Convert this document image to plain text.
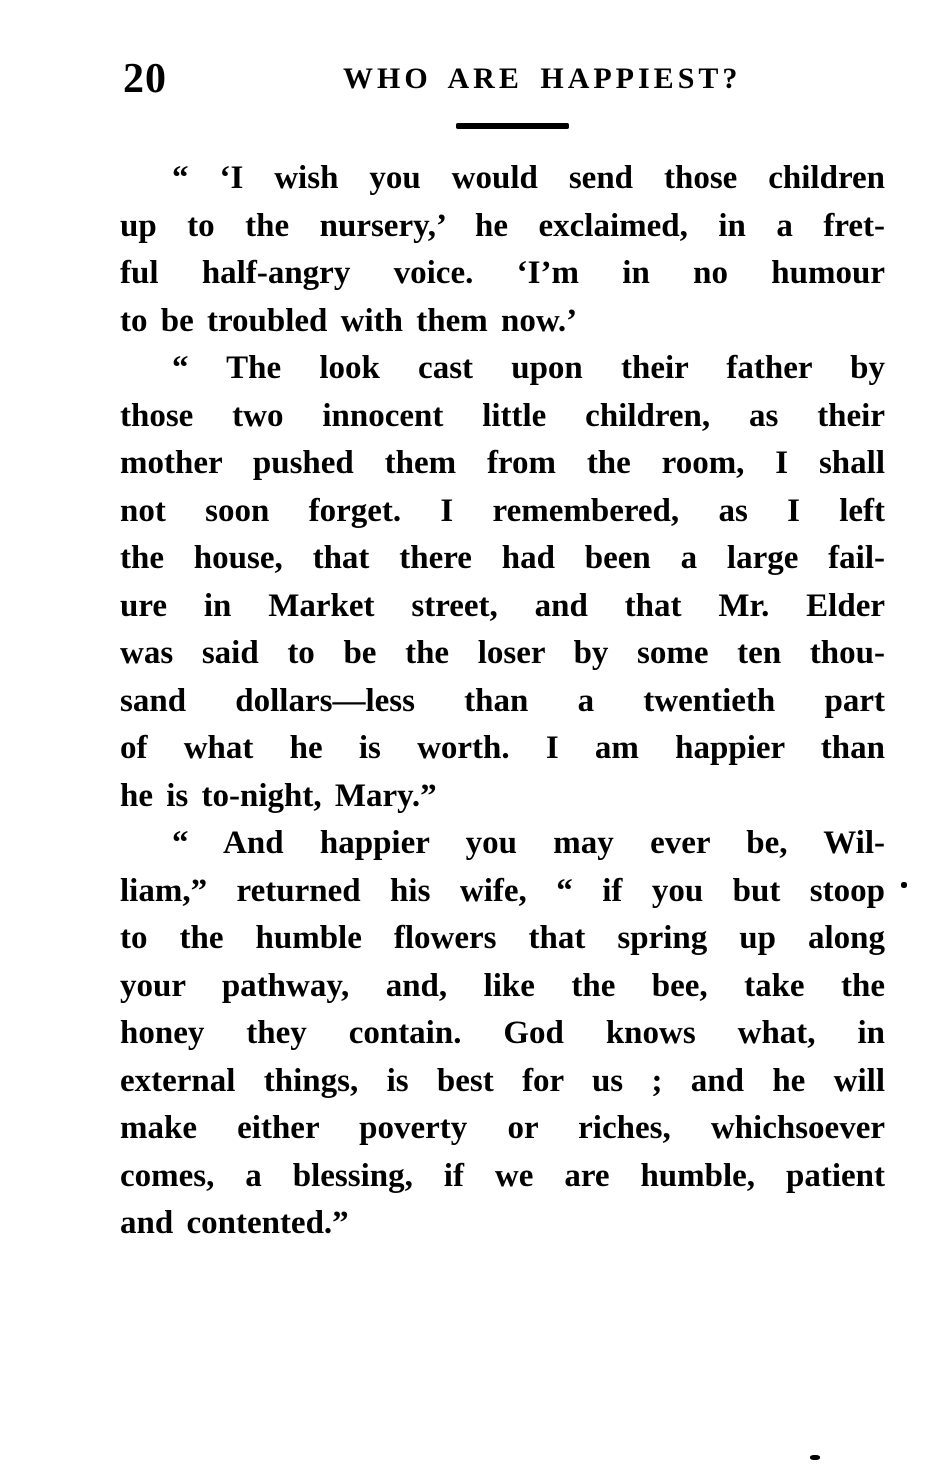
20	WHO ARE HAPPIEST?
“ ‘I wish you would send those children
up to the nursery,’ he exclaimed, in a fret-
ful half-angry voice. ‘I’m in no humour
to be troubled with them now.’
“ The look cast upon their father by
those two innocent little children, as their
mother pushed them from the room, I shall
not soon forget. I remembered, as I left
the house, that there had been a large fail-
ure in Market street, and that Mr. Elder
was said to be the loser by some ten thou-
sand dollars—less than a twentieth part
of what he is worth. I am happier than
he is to-night, Mary.”
“ And happier you may ever be, Wil-
liam,” returned his wife, “ if you but stoop
to the humble flowers that spring up along
your pathway, and, like the bee, take the
honey they contain. God knows what, in
external things, is best for us ; and he will
make either poverty or riches, whichsoever
comes, a blessing, if we are humble, patient
and contented.”
